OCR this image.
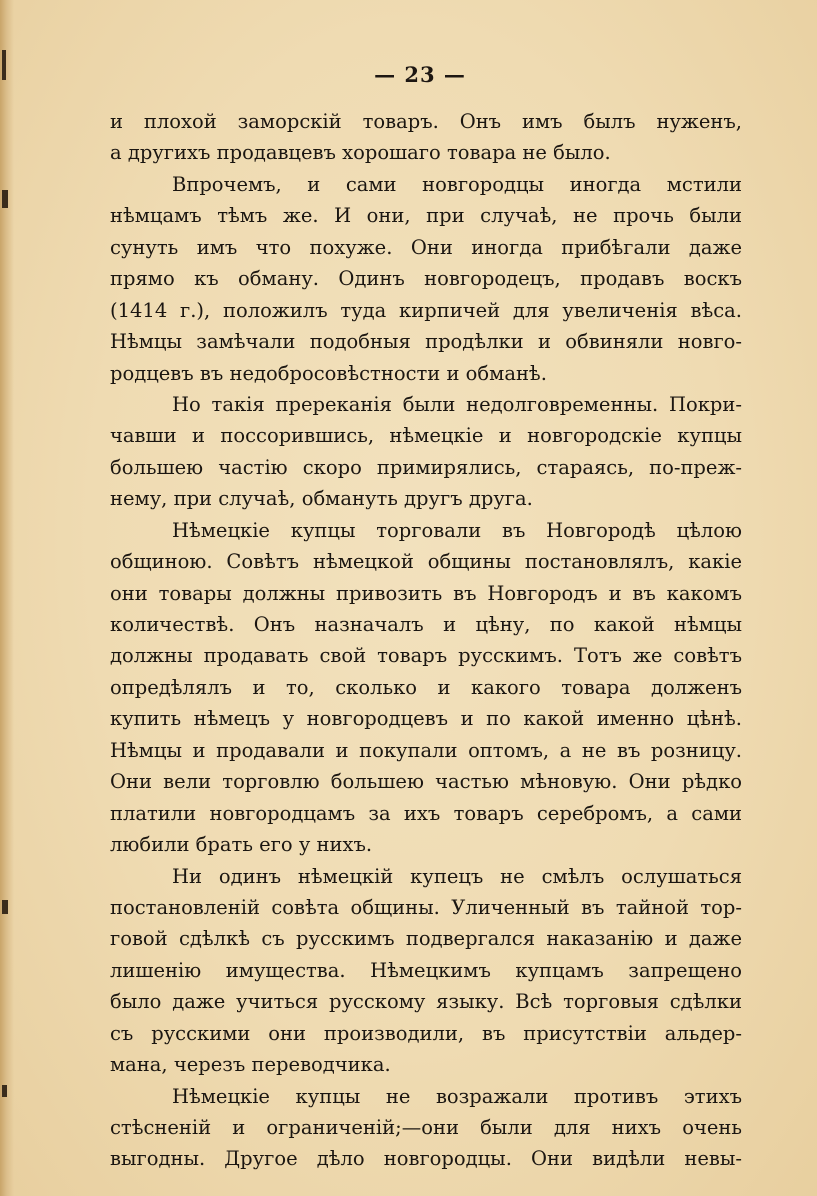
— 23 —
и плохой заморскій товаръ. Онъ имъ былъ нуженъ,
а другихъ продавцевъ хорошаго товара не было.
Впрочемъ, и сами новгородцы иногда мстили
нѣмцамъ тѣмъ же. И они, при случаѣ, не прочь были
сунуть имъ что похуже. Они иногда прибѣгали даже
прямо къ обману. Одинъ новгородецъ, продавъ воскъ
(1414 г.), положилъ туда кирпичей для увеличенія вѣса.
Нѣмцы замѣчали подобныя продѣлки и обвиняли новго-
родцевъ въ недобросовѣстности и обманѣ.
Но такія пререканія были недолговременны. Покри-
чавши и поссорившись, нѣмецкіе и новгородскіе купцы
большею частію скоро примирялись, стараясь, по-преж-
нему, при случаѣ, обмануть другъ друга.
Нѣмецкіе купцы торговали въ Новгородѣ цѣлою
общиною. Совѣтъ нѣмецкой общины постановлялъ, какіе
они товары должны привозить въ Новгородъ и въ какомъ
количествѣ. Онъ назначалъ и цѣну, по какой нѣмцы
должны продавать свой товаръ русскимъ. Тотъ же совѣтъ
опредѣлялъ и то, сколько и какого товара долженъ
купить нѣмецъ у новгородцевъ и по какой именно цѣнѣ.
Нѣмцы и продавали и покупали оптомъ, а не въ розницу.
Они вели торговлю большею частью мѣновую. Они рѣдко
платили новгородцамъ за ихъ товаръ серебромъ, а сами
любили брать его у нихъ.
Ни одинъ нѣмецкій купецъ не смѣлъ ослушаться
постановленій совѣта общины. Уличенный въ тайной тор-
говой сдѣлкѣ съ русскимъ подвергался наказанію и даже
лишенію имущества. Нѣмецкимъ купцамъ запрещено
было даже учиться русскому языку. Всѣ торговыя сдѣлки
съ русскими они производили, въ присутствіи альдер-
мана, черезъ переводчика.
Нѣмецкіе купцы не возражали противъ этихъ
стѣсненій и ограниченій;—они были для нихъ очень
выгодны. Другое дѣло новгородцы. Они видѣли невы-
